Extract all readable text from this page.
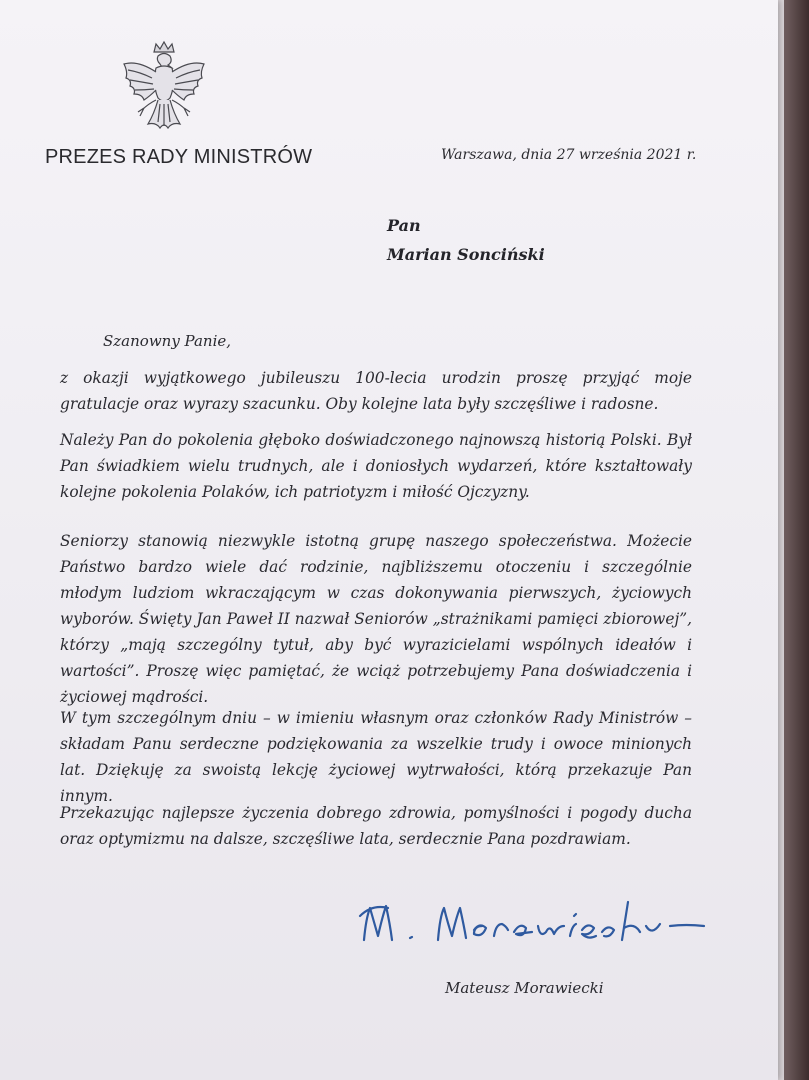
PREZES RADY MINISTRÓW	Warszawa, dnia 27 września 2021 r.
Pan
Marian Sonciński
Szanowny Panie,
z okazji wyjątkowego jubileuszu 100-lecia urodzin proszę przyjąć moje gratulacje oraz wyrazy szacunku. Oby kolejne lata były szczęśliwe i radosne.
Należy Pan do pokolenia głęboko doświadczonego najnowszą historią Polski. Był Pan świadkiem wielu trudnych, ale i doniosłych wydarzeń, które kształtowały kolejne pokolenia Polaków, ich patriotyzm i miłość Ojczyzny.
Seniorzy stanowią niezwykle istotną grupę naszego społeczeństwa. Możecie Państwo bardzo wiele dać rodzinie, najbliższemu otoczeniu i szczególnie młodym ludziom wkraczającym w czas dokonywania pierwszych, życiowych wyborów. Święty Jan Paweł II nazwał Seniorów „strażnikami pamięci zbiorowej”, którzy „mają szczególny tytuł, aby być wyrazicielami wspólnych ideałów i wartości”. Proszę więc pamiętać, że wciąż potrzebujemy Pana doświadczenia i życiowej mądrości.
W tym szczególnym dniu – w imieniu własnym oraz członków Rady Ministrów – składam Panu serdeczne podziękowania za wszelkie trudy i owoce minionych lat. Dziękuję za swoistą lekcję życiowej wytrwałości, którą przekazuje Pan innym.
Przekazując najlepsze życzenia dobrego zdrowia, pomyślności i pogody ducha oraz optymizmu na dalsze, szczęśliwe lata, serdecznie Pana pozdrawiam.
Mateusz Morawiecki
